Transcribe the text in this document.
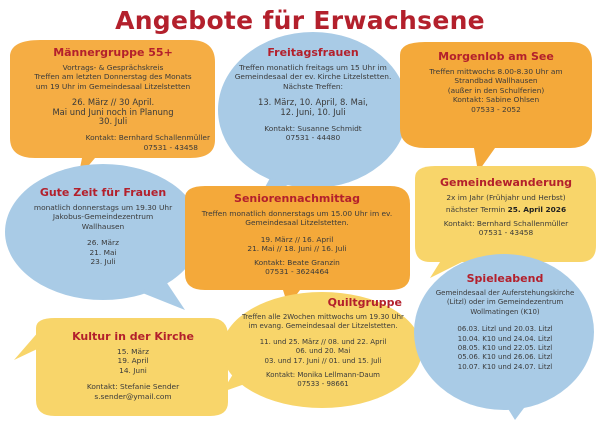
Angebote für Erwachsene
Männergruppe 55+
Vortrags- & Gesprächskreis
Treffen am letzten Donnerstag des Monats
um 19 Uhr im Gemeindesaal Litzelstetten
26. März // 30 April.
Mai und Juni noch in Planung
30. Juli
Kontakt: Bernhard Schallenmüller
07531 - 43458
Freitagsfrauen
Treffen monatlich freitags um 15 Uhr im
Gemeindesaal der ev. Kirche Litzelstetten.
Nächste Treffen:
13. März, 10. April, 8. Mai,
12. Juni, 10. Juli
Kontakt: Susanne Schmidt
07531 - 44480
Morgenlob am See
Treffen mittwochs 8.00-8.30 Uhr am
Strandbad Wallhausen
(außer in den Schulferien)
Kontakt: Sabine Ohlsen
07533 - 2052
Gute Zeit für Frauen
monatlich donnerstags um 19.30 Uhr
Jakobus-Gemeindezentrum
Wallhausen
26. März
21. Mai
23. Juli
Seniorennachmittag
Treffen monatlich donnerstags um 15.00 Uhr im ev.
Gemeindesaal Litzelstetten.
19. März // 16. April
21. Mai // 18. Juni // 16. Juli
Kontakt: Beate Granzin
07531 - 3624464
Gemeindewanderung
2x im Jahr (Frühjahr und Herbst)
nächster Termin 25. April 2026
Kontakt: Bernhard Schallenmüller
07531 - 43458
Kultur in der Kirche
15. März
19. April
14. Juni
Kontakt: Stefanie Sender
s.sender@ymail.com
Quiltgruppe
Treffen alle 2Wochen mittwochs um 19.30 Uhr
im evang. Gemeindesaal der Litzelstetten.
11. und 25. März // 08. und 22. April
06. und 20. Mai
03. und 17. Juni // 01. und 15. Juli
Kontakt: Monika Lellmann-Daum
07533 - 98661
Spieleabend
Gemeindesaal der Auferstehungskirche
(Litzl) oder im Gemeindezentrum
Wollmatingen (K10)
06.03. Litzl und 20.03. Litzl
10.04. K10 und 24.04. Litzl
08.05. K10 und 22.05. Litzl
05.06. K10 und 26.06. Litzl
10.07. K10 und 24.07. Litzl
